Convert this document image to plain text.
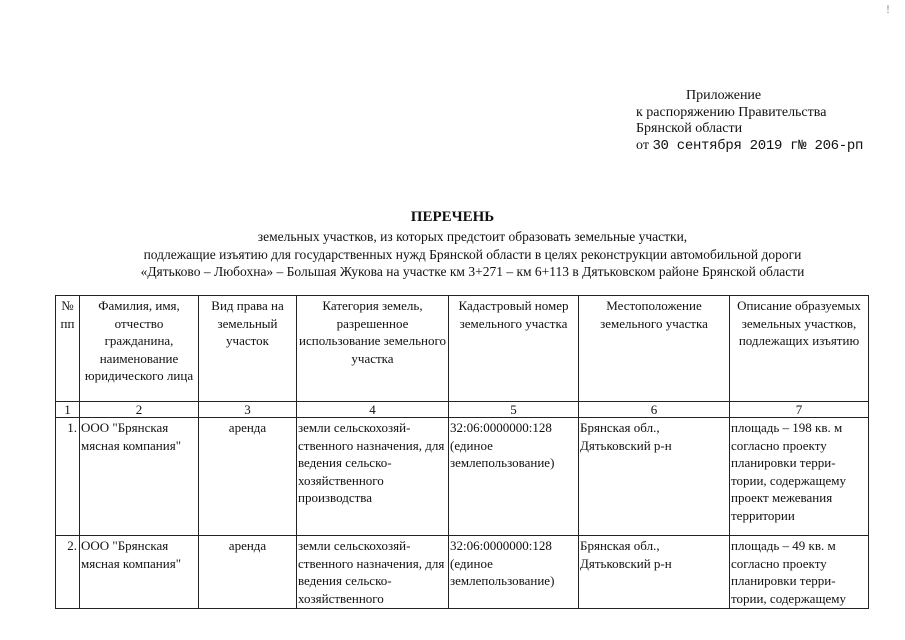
!
Приложение
к распоряжению Правительства
Брянской области
от 30 сентября 2019 г№ 206-рп
ПЕРЕЧЕНЬ
земельных участков, из которых предстоит образовать земельные участки,
подлежащие изъятию для государственных нужд Брянской области в целях реконструкции автомобильной дороги
«Дятьково – Любохна» – Большая Жукова на участке км 3+271 – км 6+113 в Дятьковском районе Брянской области
№ пп	Фамилия, имя, отчество гражданина, наименование юридического лица	Вид права на земельный участок	Категория земель, разрешенное использование земельного участка	Кадастровый номер земельного участка	Местоположение земельного участка	Описание образуемых земельных участков, подлежащих изъятию
1	2	3	4	5	6	7
1.	ООО "Брянская мясная компания"	аренда	земли сельскохозяй-ственного назначения, для ведения сельско-хозяйственного производства	32:06:0000000:128 (единое землепользование)	Брянская обл., Дятьковский р-н	площадь – 198 кв. м согласно проекту планировки терри-тории, содержащему проект межевания территории
2.	ООО "Брянская мясная компания"	аренда	земли сельскохозяй-ственного назначения, для ведения сельско-хозяйственного	32:06:0000000:128 (единое землепользование)	Брянская обл., Дятьковский р-н	площадь – 49 кв. м согласно проекту планировки терри-тории, содержащему
